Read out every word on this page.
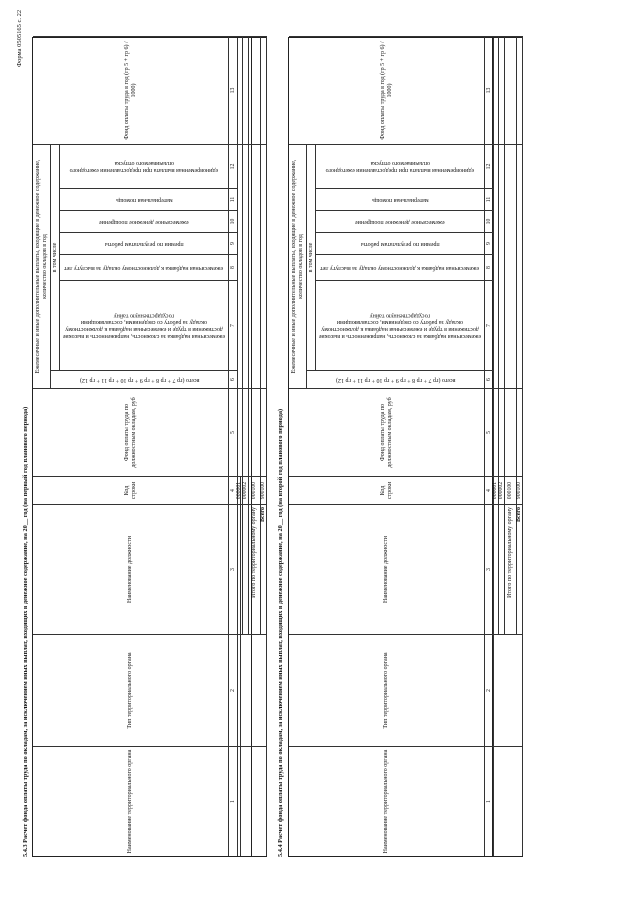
Форма 0505165 с. 22
5.4.3 Расчет фонда оплаты труда по окладам, за исключением иных выплат, входящих в денежное содержание, на 20__ год (на первый год планового периода)	Наименование территориального органа
Тип территориального органа
Наименование должности
Код строки
Фонд оплаты труда по должностным окладам, руб
Ежемесячные и иные дополнительные выплаты, входящие в денежное содержание, количество окладов в год
Фонд оплаты труда в год (гр 5 + гр 6) / 1000)
всего (гр 7 + гр 8 + гр 9 + гр 10 + гр 11 + гр 12)
в том числе
ежемесячная надбавка за сложность, напряженность и высокие достижения в труде и ежемесячная надбавка к должностному окладу за работу со сведениями, составляющими государственную тайну
ежемесячная надбавка к должностному окладу за выслугу лет
премии по результатам работы
ежемесячное денежное поощрение
материальная помощь
единовременная выплата при предоставлении ежегодного оплачиваемого отпуска
1
2
3
4
5
6
7
8
9
10
11
12
13
Итого по территориальному органу Всего
000001 000002 000100 900100 5.4.4 Расчет фонда оплаты труда по окладам, за исключением иных выплат, входящих в денежное содержание, на 20__ год (на второй год планового периода)	Наименование территориального органа
Тип территориального органа
Наименование должности
Код строки
Фонд оплаты труда по должностным окладам, руб
Ежемесячные и иные дополнительные выплаты, входящие в денежное содержание, количество окладов в год
Фонд оплаты труда в год (гр 5 + гр 6) / 1000)
всего (гр 7 + гр 8 + гр 9 + гр 10 + гр 11 + гр 12)
в том числе
ежемесячная надбавка за сложность, напряженность и высокие достижения в труде и ежемесячная надбавка к должностному окладу за работу со сведениями, составляющими государственную тайну
ежемесячная надбавка к должностному окладу за выслугу лет
премии по результатам работы
ежемесячное денежное поощрение
материальная помощь
единовременная выплата при предоставлении ежегодного оплачиваемого отпуска
1
2
3
4
5
6
7
8
9
10
11
12
13
Итого по территориальному органу Всего
000001 000002 000100 900100
